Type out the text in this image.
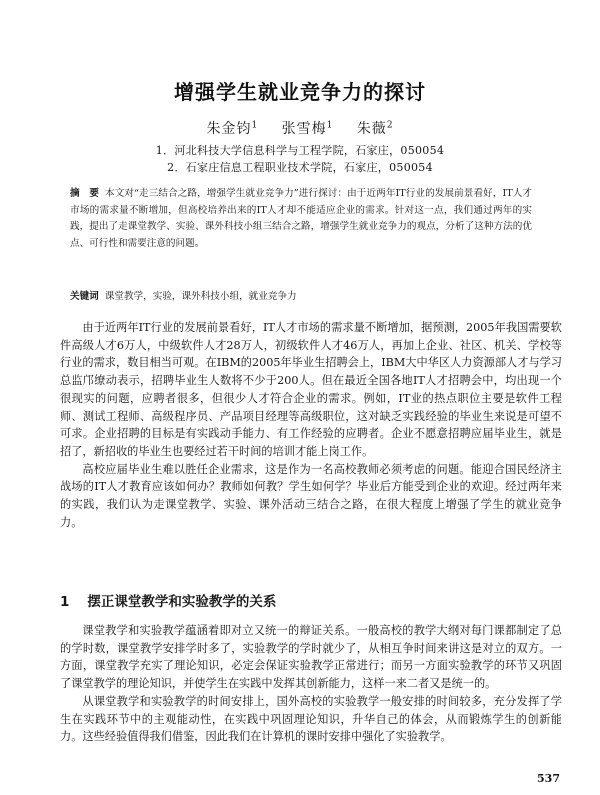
增强学生就业竞争力的探讨
朱金钧$^1$ 张雪梅$^1$ 朱薇$^2$
1．河北科技大学信息科学与工程学院，石家庄，050054
2．石家庄信息工程职业技术学院，石家庄，050054
摘　要 本文对“走三结合之路，增强学生就业竞争力”进行探讨：由于近两年IT行业的发展前景看好，IT人才市场的需求量不断增加，但高校培养出来的IT人才却不能适应企业的需求。针对这一点，我们通过两年的实践，提出了走课堂教学、实验、课外科技小组三结合之路，增强学生就业竞争力的观点，分析了这种方法的优点、可行性和需要注意的问题。
关键词 课堂教学，实验，课外科技小组，就业竞争力

由于近两年IT行业的发展前景看好，IT人才市场的需求量不断增加，据预测，2005年我国需要软件高级人才6万人，中级软件人才28万人，初级软件人才46万人，再加上企业、社区、机关、学校等行业的需求，数目相当可观。在IBM的2005年毕业生招聘会上，IBM大中华区人力资源部人才与学习总监邝缭动表示，招聘毕业生人数将不少于200人。但在最近全国各地IT人才招聘会中，均出现一个很现实的问题，应聘者很多，但很少人才符合企业的需求。例如，IT业的热点职位主要是软件工程师、测试工程师、高级程序员、产品项目经理等高级职位，这对缺乏实践经验的毕业生来说是可望不可求。企业招聘的目标是有实践动手能力、有工作经验的应聘者。企业不愿意招聘应届毕业生，就是招了，新招收的毕业生也要经过若干时间的培训才能上岗工作。

高校应届毕业生难以胜任企业需求，这是作为一名高校教师必须考虑的问题。能迎合国民经济主战场的IT人才教育应该如何办？教师如何教？学生如何学？毕业后方能受到企业的欢迎。经过两年来的实践，我们认为走课堂教学、实验、课外活动三结合之路，在很大程度上增强了学生的就业竞争力。

1 摆正课堂教学和实验教学的关系

课堂教学和实验教学蕴涵着即对立又统一的辩证关系。一般高校的教学大纲对每门课都制定了总的学时数，课堂教学安排学时多了，实验教学的学时就少了，从相互争时间来讲这是对立的双方。一方面，课堂教学充实了理论知识，必定会保证实验教学正常进行；而另一方面实验教学的环节又巩固了课堂教学的理论知识，并使学生在实践中发挥其创新能力，这样一来二者又是统一的。

从课堂教学和实验教学的时间安排上，国外高校的实验教学一般安排的时间较多，充分发挥了学生在实践环节中的主观能动性，在实践中巩固理论知识，升华自己的体会，从而锻炼学生的创新能力。这些经验值得我们借鉴，因此我们在计算机的课时安排中强化了实验教学。

537
